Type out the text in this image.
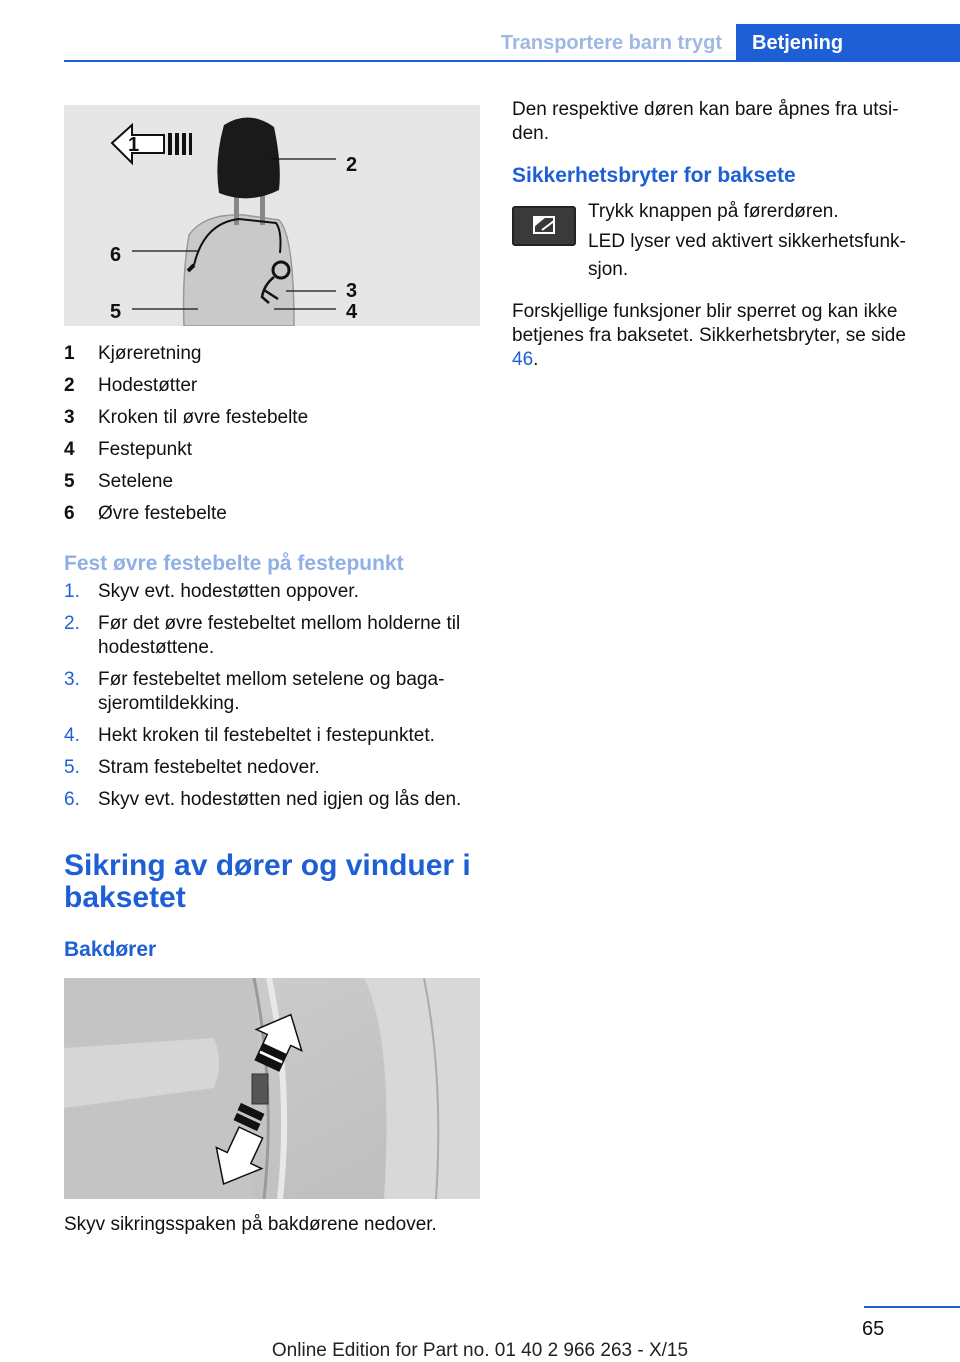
Transportere barn trygt	Betjening
1
2
3
4
5
6
1	Kjøreretning
2	Hodestøtter
3	Kroken til øvre festebelte
4	Festepunkt
5	Setelene
6	Øvre festebelte
Fest øvre festebelte på festepunkt
1. Skyv evt. hodestøtten oppover.
2. Før det øvre festebeltet mellom holderne til hodestøttene.
3. Før festebeltet mellom setelene og bagasjeromtildekking.
4. Hekt kroken til festebeltet i festepunktet.
5. Stram festebeltet nedover.
6. Skyv evt. hodestøtten ned igjen og lås den.
Sikring av dører og vinduer i baksetet
Bakdører
Skyv sikringsspaken på bakdørene nedover.
Den respektive døren kan bare åpnes fra utsiden.
Sikkerhetsbryter for baksete
Trykk knappen på førerdøren.
LED lyser ved aktivert sikkerhetsfunksjon.
Forskjellige funksjoner blir sperret og kan ikke betjenes fra baksetet. Sikkerhetsbryter, se side 46.
65
Online Edition for Part no. 01 40 2 966 263 - X/15
